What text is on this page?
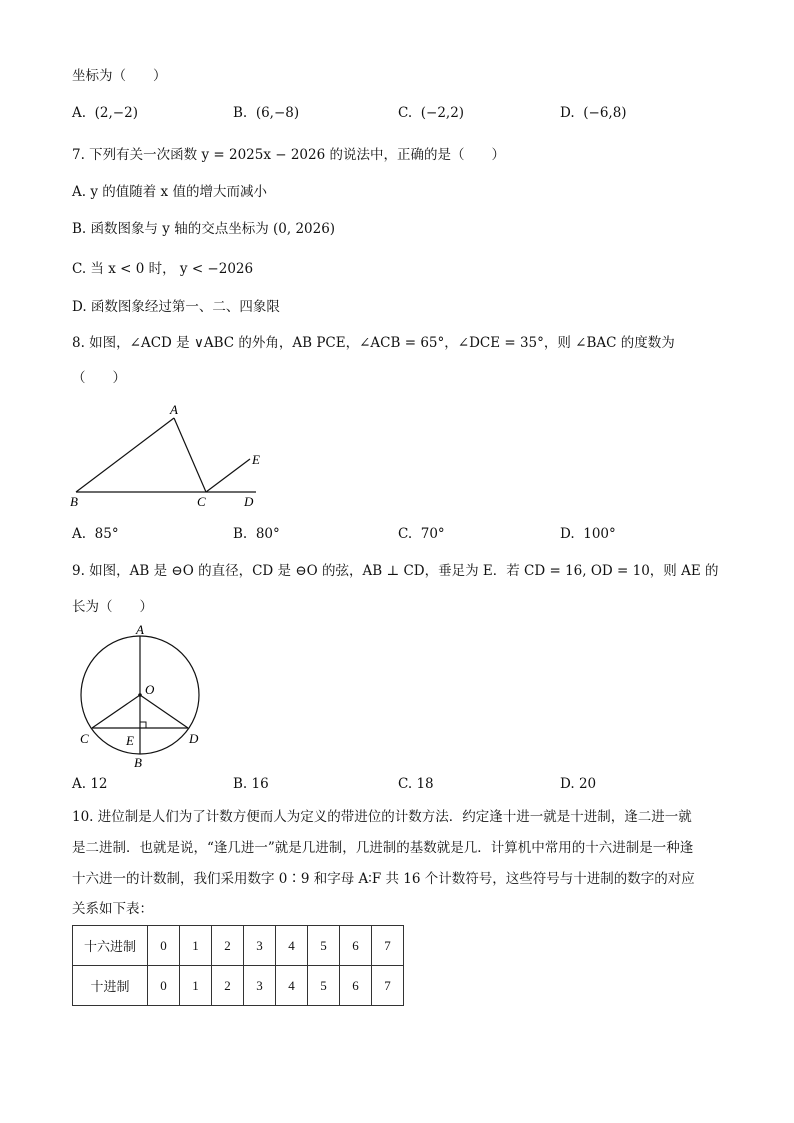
坐标为（　　）
A. (2,−2)	B. (6,−8)	C. (−2,2)	D. (−6,8)
7. 下列有关一次函数 y = 2025x − 2026 的说法中，正确的是（　　）
A. y 的值随着 x 值的增大而减小
B. 函数图象与 y 轴的交点坐标为 (0, 2026)
C. 当 x < 0 时， y < −2026
D. 函数图象经过第一、二、四象限
8. 如图，∠ACD 是 ∨ABC 的外角，AB PCE，∠ACB = 65°，∠DCE = 35°，则 ∠BAC 的度数为
（　　）
A
B	C	D
E
A. 85°	B. 80°	C. 70°	D. 100°
9. 如图，AB 是 ⊖O 的直径，CD 是 ⊖O 的弦，AB ⊥ CD，垂足为 E．若 CD = 16, OD = 10，则 AE 的
长为（　　）
A
O
C	E	D
B
A. 12	B. 16	C. 18	D. 20
10. 进位制是人们为了计数方便而人为定义的带进位的计数方法．约定逢十进一就是十进制，逢二进一就
是二进制．也就是说，“逢几进一”就是几进制，几进制的基数就是几．计算机中常用的十六进制是一种逢
十六进一的计数制，我们采用数字 0∶9 和字母 A∶F 共 16 个计数符号，这些符号与十进制的数字的对应
关系如下表：
十六进制	0	1	2	3	4	5	6	7
十进制	0	1	2	3	4	5	6	7
